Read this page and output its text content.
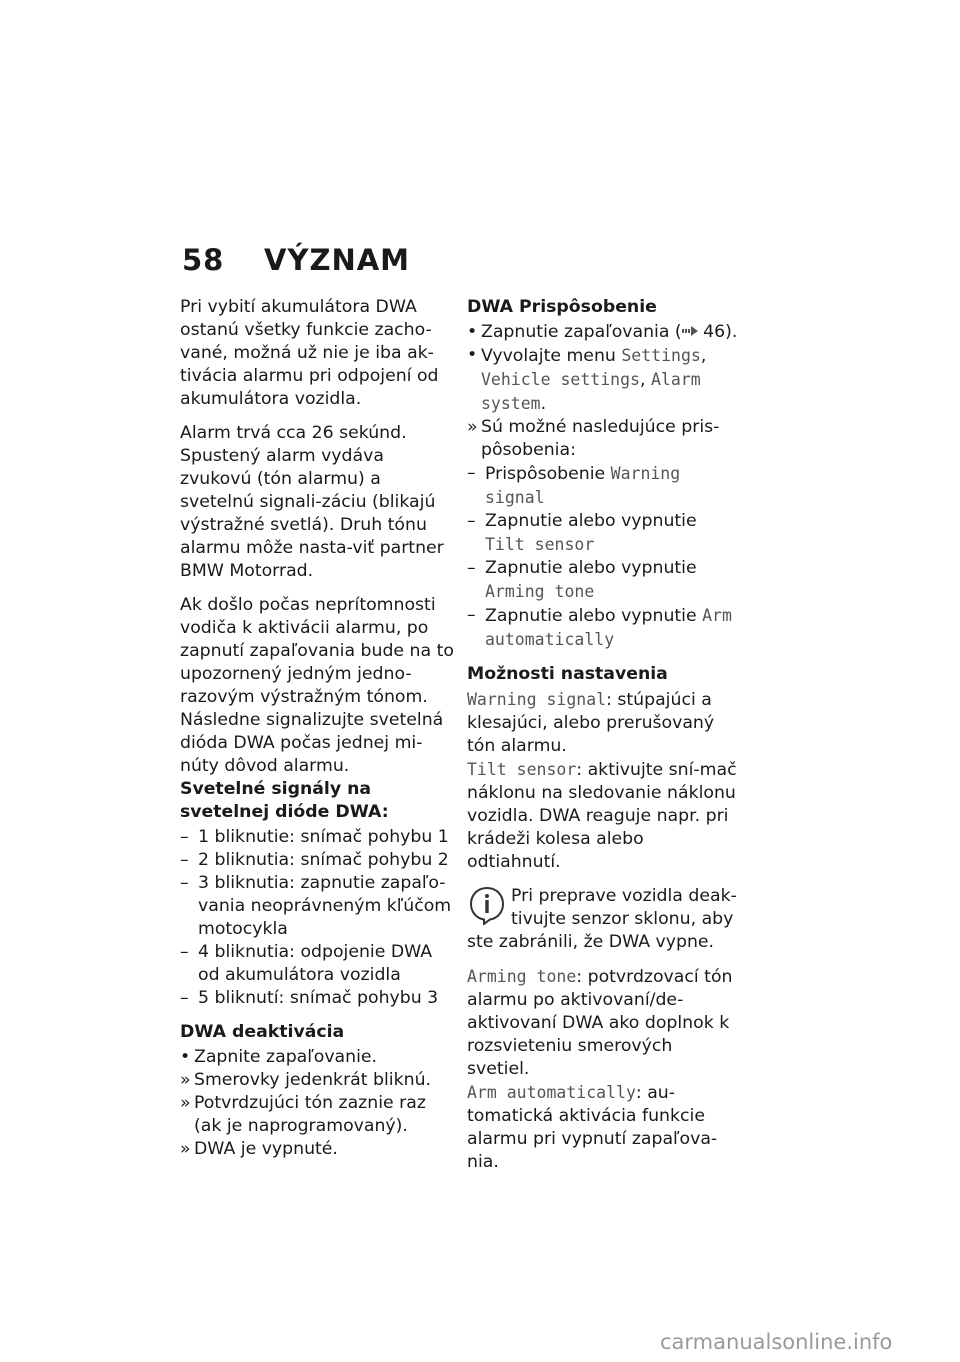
58 VÝZNAM

Pri vybití akumulátora DWA ostanú všetky funkcie zacho-vané, možná už nie je iba ak-tivácia alarmu pri odpojení od akumulátora vozidla.

Alarm trvá cca 26 sekúnd. Spustený alarm vydáva zvukovú (tón alarmu) a svetelnú signali-záciu (blikajú výstražné svetlá). Druh tónu alarmu môže nasta-viť partner BMW Motorrad.

Ak došlo počas neprítomnosti vodiča k aktivácii alarmu, po zapnutí zapaľovania bude na to upozornený jedným jedno-razovým výstražným tónom. Následne signalizujte svetelná dióda DWA počas jednej mi-núty dôvod alarmu.

Svetelné signály na svetelnej dióde DWA:
– 1 bliknutie: snímač pohybu 1
– 2 bliknutia: snímač pohybu 2
– 3 bliknutia: zapnutie zapaľo-vania neoprávneným kľúčom motocykla
– 4 bliknutia: odpojenie DWA od akumulátora vozidla
– 5 bliknutí: snímač pohybu 3
DWA deaktivácia
• Zapnite zapaľovanie.
» Smerovky jedenkrát bliknú.
» Potvrdzujúci tón zaznie raz (ak je naprogramovaný).
» DWA je vypnuté.
DWA Prispôsobenie
• Zapnutie zapaľovania ( 46).
• Vyvolajte menu Settings, Vehicle settings, Alarm system.
» Sú možné nasledujúce pris-pôsobenia:
– Prispôsobenie Warning signal
– Zapnutie alebo vypnutie Tilt sensor
– Zapnutie alebo vypnutie Arming tone
– Zapnutie alebo vypnutie Arm automatically
Možnosti nastavenia

Warning signal: stúpajúci a klesajúci, alebo prerušovaný tón alarmu.

Tilt sensor: aktivujte sní-mač náklonu na sledovanie náklonu vozidla. DWA reaguje napr. pri krádeži kolesa alebo odtiahnutí.

Pri preprave vozidla deak-tivujte senzor sklonu, aby
ste zabránili, že DWA vypne.

Arming tone: potvrdzovací tón alarmu po aktivovaní/de-aktivovaní DWA ako doplnok k rozsvieteniu smerových svetiel.

Arm automatically: au-tomatická aktivácia funkcie alarmu pri vypnutí zapaľova-nia.

carmanualsonline.info
